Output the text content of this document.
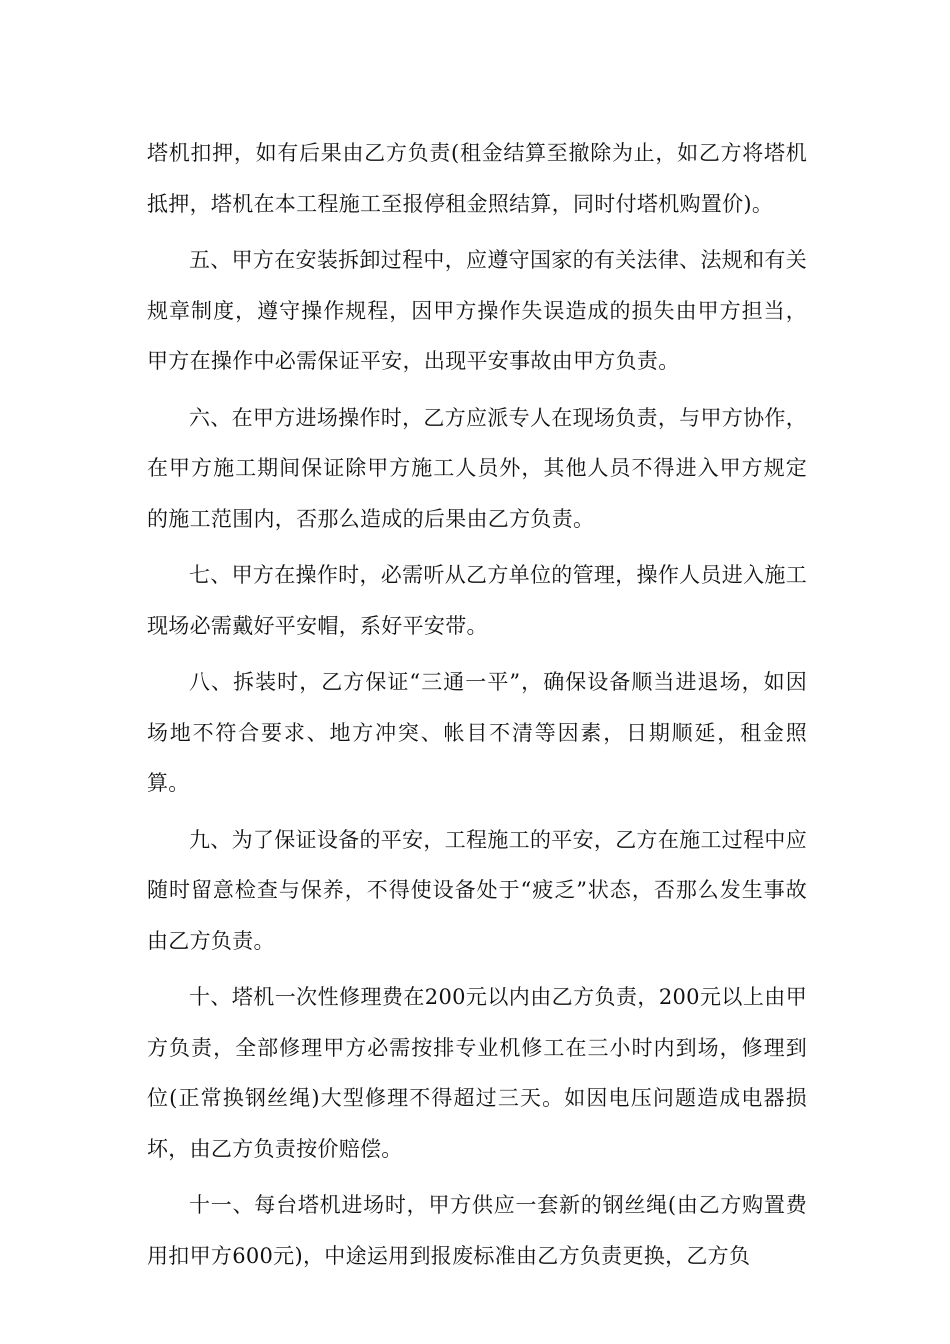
塔机扣押，如有后果由乙方负责(租金结算至撤除为止，如乙方将塔机抵押，塔机在本工程施工至报停租金照结算，同时付塔机购置价)。

五、甲方在安装拆卸过程中，应遵守国家的有关法律、法规和有关规章制度，遵守操作规程，因甲方操作失误造成的损失由甲方担当，甲方在操作中必需保证平安，出现平安事故由甲方负责。

六、在甲方进场操作时，乙方应派专人在现场负责，与甲方协作，在甲方施工期间保证除甲方施工人员外，其他人员不得进入甲方规定的施工范围内，否那么造成的后果由乙方负责。

七、甲方在操作时，必需听从乙方单位的管理，操作人员进入施工现场必需戴好平安帽，系好平安带。

八、拆装时，乙方保证“三通一平”，确保设备顺当进退场，如因场地不符合要求、地方冲突、帐目不清等因素，日期顺延，租金照算。

九、为了保证设备的平安，工程施工的平安，乙方在施工过程中应随时留意检查与保养，不得使设备处于“疲乏”状态，否那么发生事故由乙方负责。

十、塔机一次性修理费在200元以内由乙方负责，200元以上由甲方负责，全部修理甲方必需按排专业机修工在三小时内到场，修理到位(正常换钢丝绳)大型修理不得超过三天。如因电压问题造成电器损坏，由乙方负责按价赔偿。

十一、每台塔机进场时，甲方供应一套新的钢丝绳(由乙方购置费用扣甲方600元)，中途运用到报废标准由乙方负责更换，乙方负
